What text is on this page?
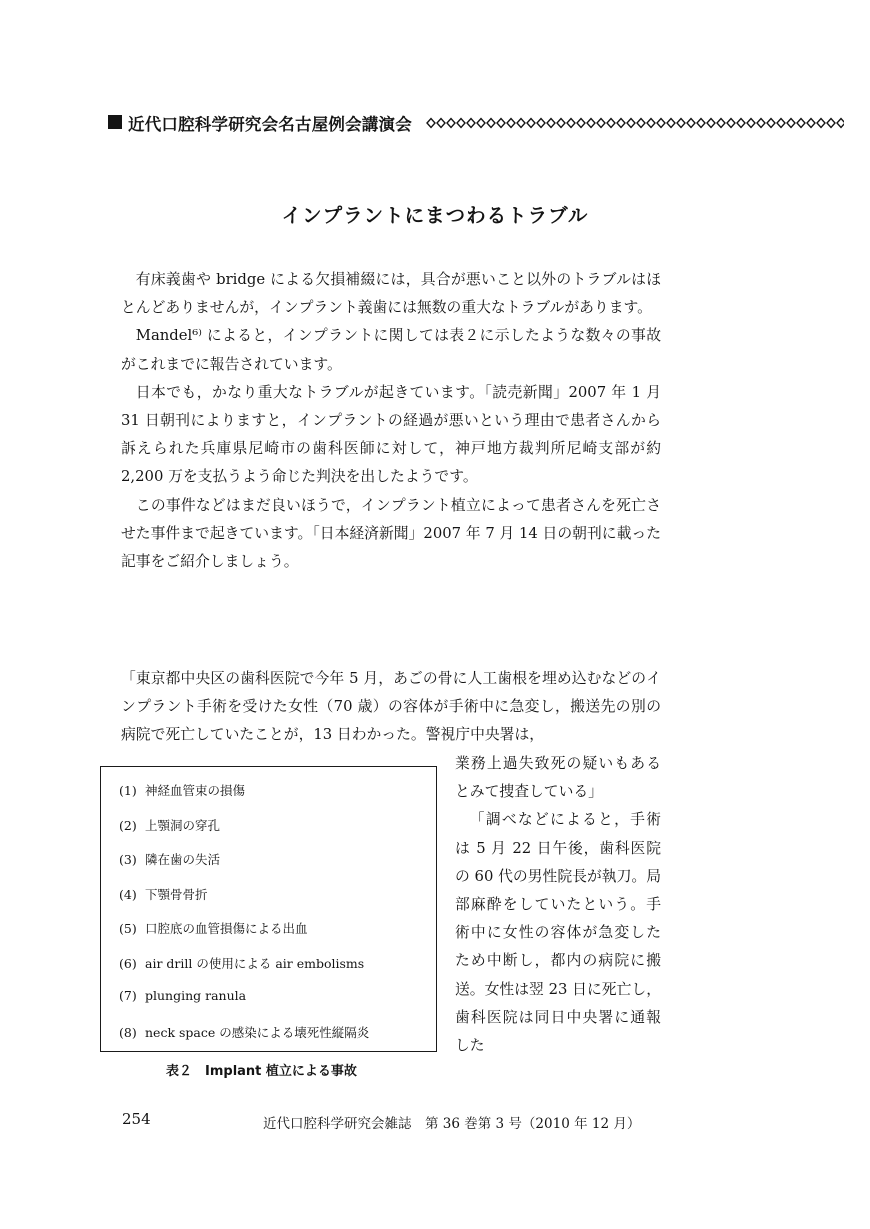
近代口腔科学研究会名古屋例会講演会
インプラントにまつわるトラブル

有床義歯や bridge による欠損補綴には，具合が悪いこと以外のトラブルはほとんどありませんが，インプラント義歯には無数の重大なトラブルがあります。

Mandel⁶⁾ によると，インプラントに関しては表２に示したような数々の事故がこれまでに報告されています。

日本でも，かなり重大なトラブルが起きています。「読売新聞」2007 年 1 月 31 日朝刊によりますと，インプラントの経過が悪いという理由で患者さんから訴えられた兵庫県尼崎市の歯科医師に対して，神戸地方裁判所尼崎支部が約 2,200 万を支払うよう命じた判決を出したようです。

この事件などはまだ良いほうで，インプラント植立によって患者さんを死亡させた事件まで起きています。「日本経済新聞」2007 年 7 月 14 日の朝刊に載った記事をご紹介しましょう。

「東京都中央区の歯科医院で今年 5 月，あごの骨に人工歯根を埋め込むなどのインプラント手術を受けた女性（70 歳）の容体が手術中に急変し，搬送先の別の病院で死亡していたことが，13 日わかった。警視庁中央署は，

業務上過失致死の疑いもあるとみて捜査している」

「調べなどによると，手術は 5 月 22 日午後，歯科医院の 60 代の男性院長が執刀。局部麻酔をしていたという。手術中に女性の容体が急変したため中断し，都内の病院に搬送。女性は翌 23 日に死亡し，歯科医院は同日中央署に通報した

(1) 神経血管束の損傷
(2) 上顎洞の穿孔
(3) 隣在歯の失活
(4) 下顎骨骨折
(5) 口腔底の血管損傷による出血
(6) air drill の使用による air embolisms
(7) plunging ranula
(8) neck space の感染による壊死性縦隔炎
表２　Implant 植立による事故
254	近代口腔科学研究会雑誌　第 36 巻第 3 号（2010 年 12 月）
